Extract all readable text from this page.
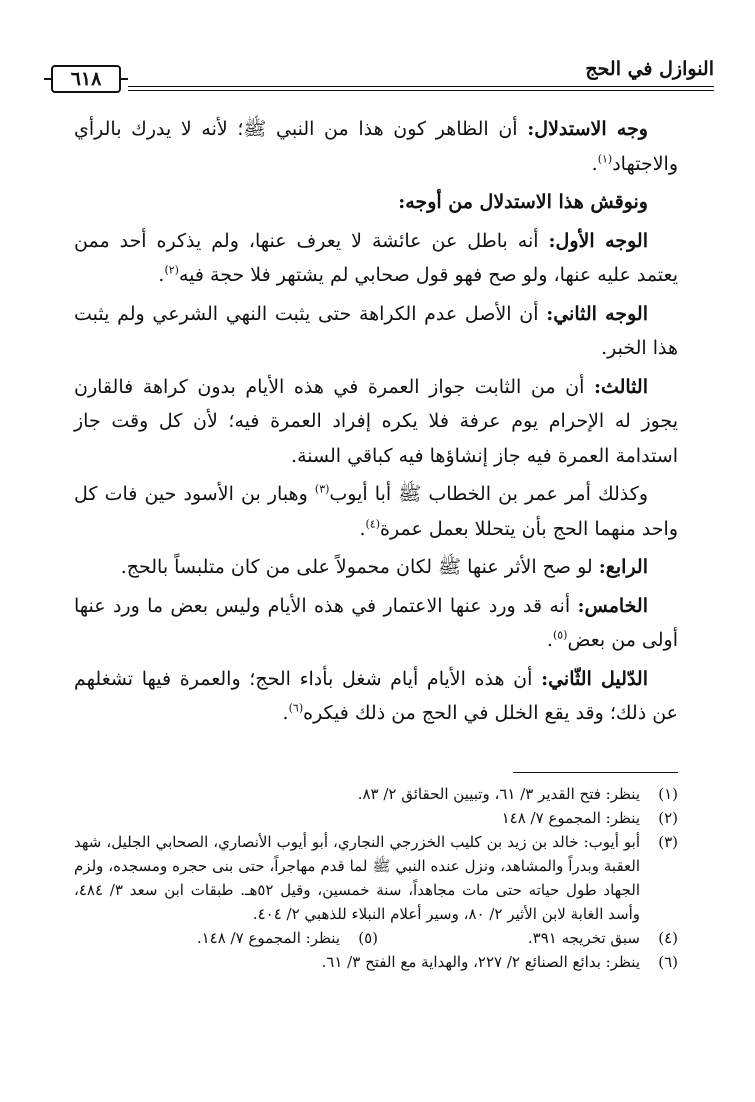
النوازل في الحج
٦١٨

وجه الاستدلال: أن الظاهر كون هذا من النبي ﷺ؛ لأنه لا يدرك بالرأي والاجتهاد$^{(١)}$.

ونوقش هذا الاستدلال من أوجه:

الوجه الأول: أنه باطل عن عائشة لا يعرف عنها، ولم يذكره أحد ممن يعتمد عليه عنها، ولو صح فهو قول صحابي لم يشتهر فلا حجة فيه$^{(٢)}$.

الوجه الثاني: أن الأصل عدم الكراهة حتى يثبت النهي الشرعي ولم يثبت هذا الخبر.

الثالث: أن من الثابت جواز العمرة في هذه الأيام بدون كراهة فالقارن يجوز له الإحرام يوم عرفة فلا يكره إفراد العمرة فيه؛ لأن كل وقت جاز استدامة العمرة فيه جاز إنشاؤها فيه كباقي السنة.

وكذلك أمر عمر بن الخطاب ﷺ أبا أيوب$^{(٣)}$ وهبار بن الأسود حين فات كل واحد منهما الحج بأن يتحللا بعمل عمرة$^{(٤)}$.

الرابع: لو صح الأثر عنها ﷺ لكان محمولاً على من كان متلبساً بالحج.

الخامس: أنه قد ورد عنها الاعتمار في هذه الأيام وليس بعض ما ورد عنها أولى من بعض$^{(٥)}$.

الدّليل الثّاني: أن هذه الأيام أيام شغل بأداء الحج؛ والعمرة فيها تشغلهم عن ذلك؛ وقد يقع الخلل في الحج من ذلك فيكره$^{(٦)}$.

(١)
ينظر: فتح القدير ٣/ ٦١، وتبيين الحقائق ٢/ ٨٣.
(٢)
ينظر: المجموع ٧/ ١٤٨
(٣)
أبو أيوب: خالد بن زيد بن كليب الخزرجي النجاري، أبو أيوب الأنصاري، الصحابي الجليل، شهد العقبة وبدراً والمشاهد، ونزل عنده النبي ﷺ لما قدم مهاجراً، حتى بنى حجره ومسجده، ولزم الجهاد طول حياته حتى مات مجاهداً، سنة خمسين، وقيل ٥٢هـ. طبقات ابن سعد ٣/ ٤٨٤، وأسد الغابة لابن الأثير ٢/ ٨٠، وسير أعلام النبلاء للذهبي ٢/ ٤٠٤.
(٤)
سبق تخريجه ٣٩١.
(٥)
ينظر: المجموع ٧/ ١٤٨.
(٦)
ينظر: بدائع الصنائع ٢/ ٢٢٧، والهداية مع الفتح ٣/ ٦١.
